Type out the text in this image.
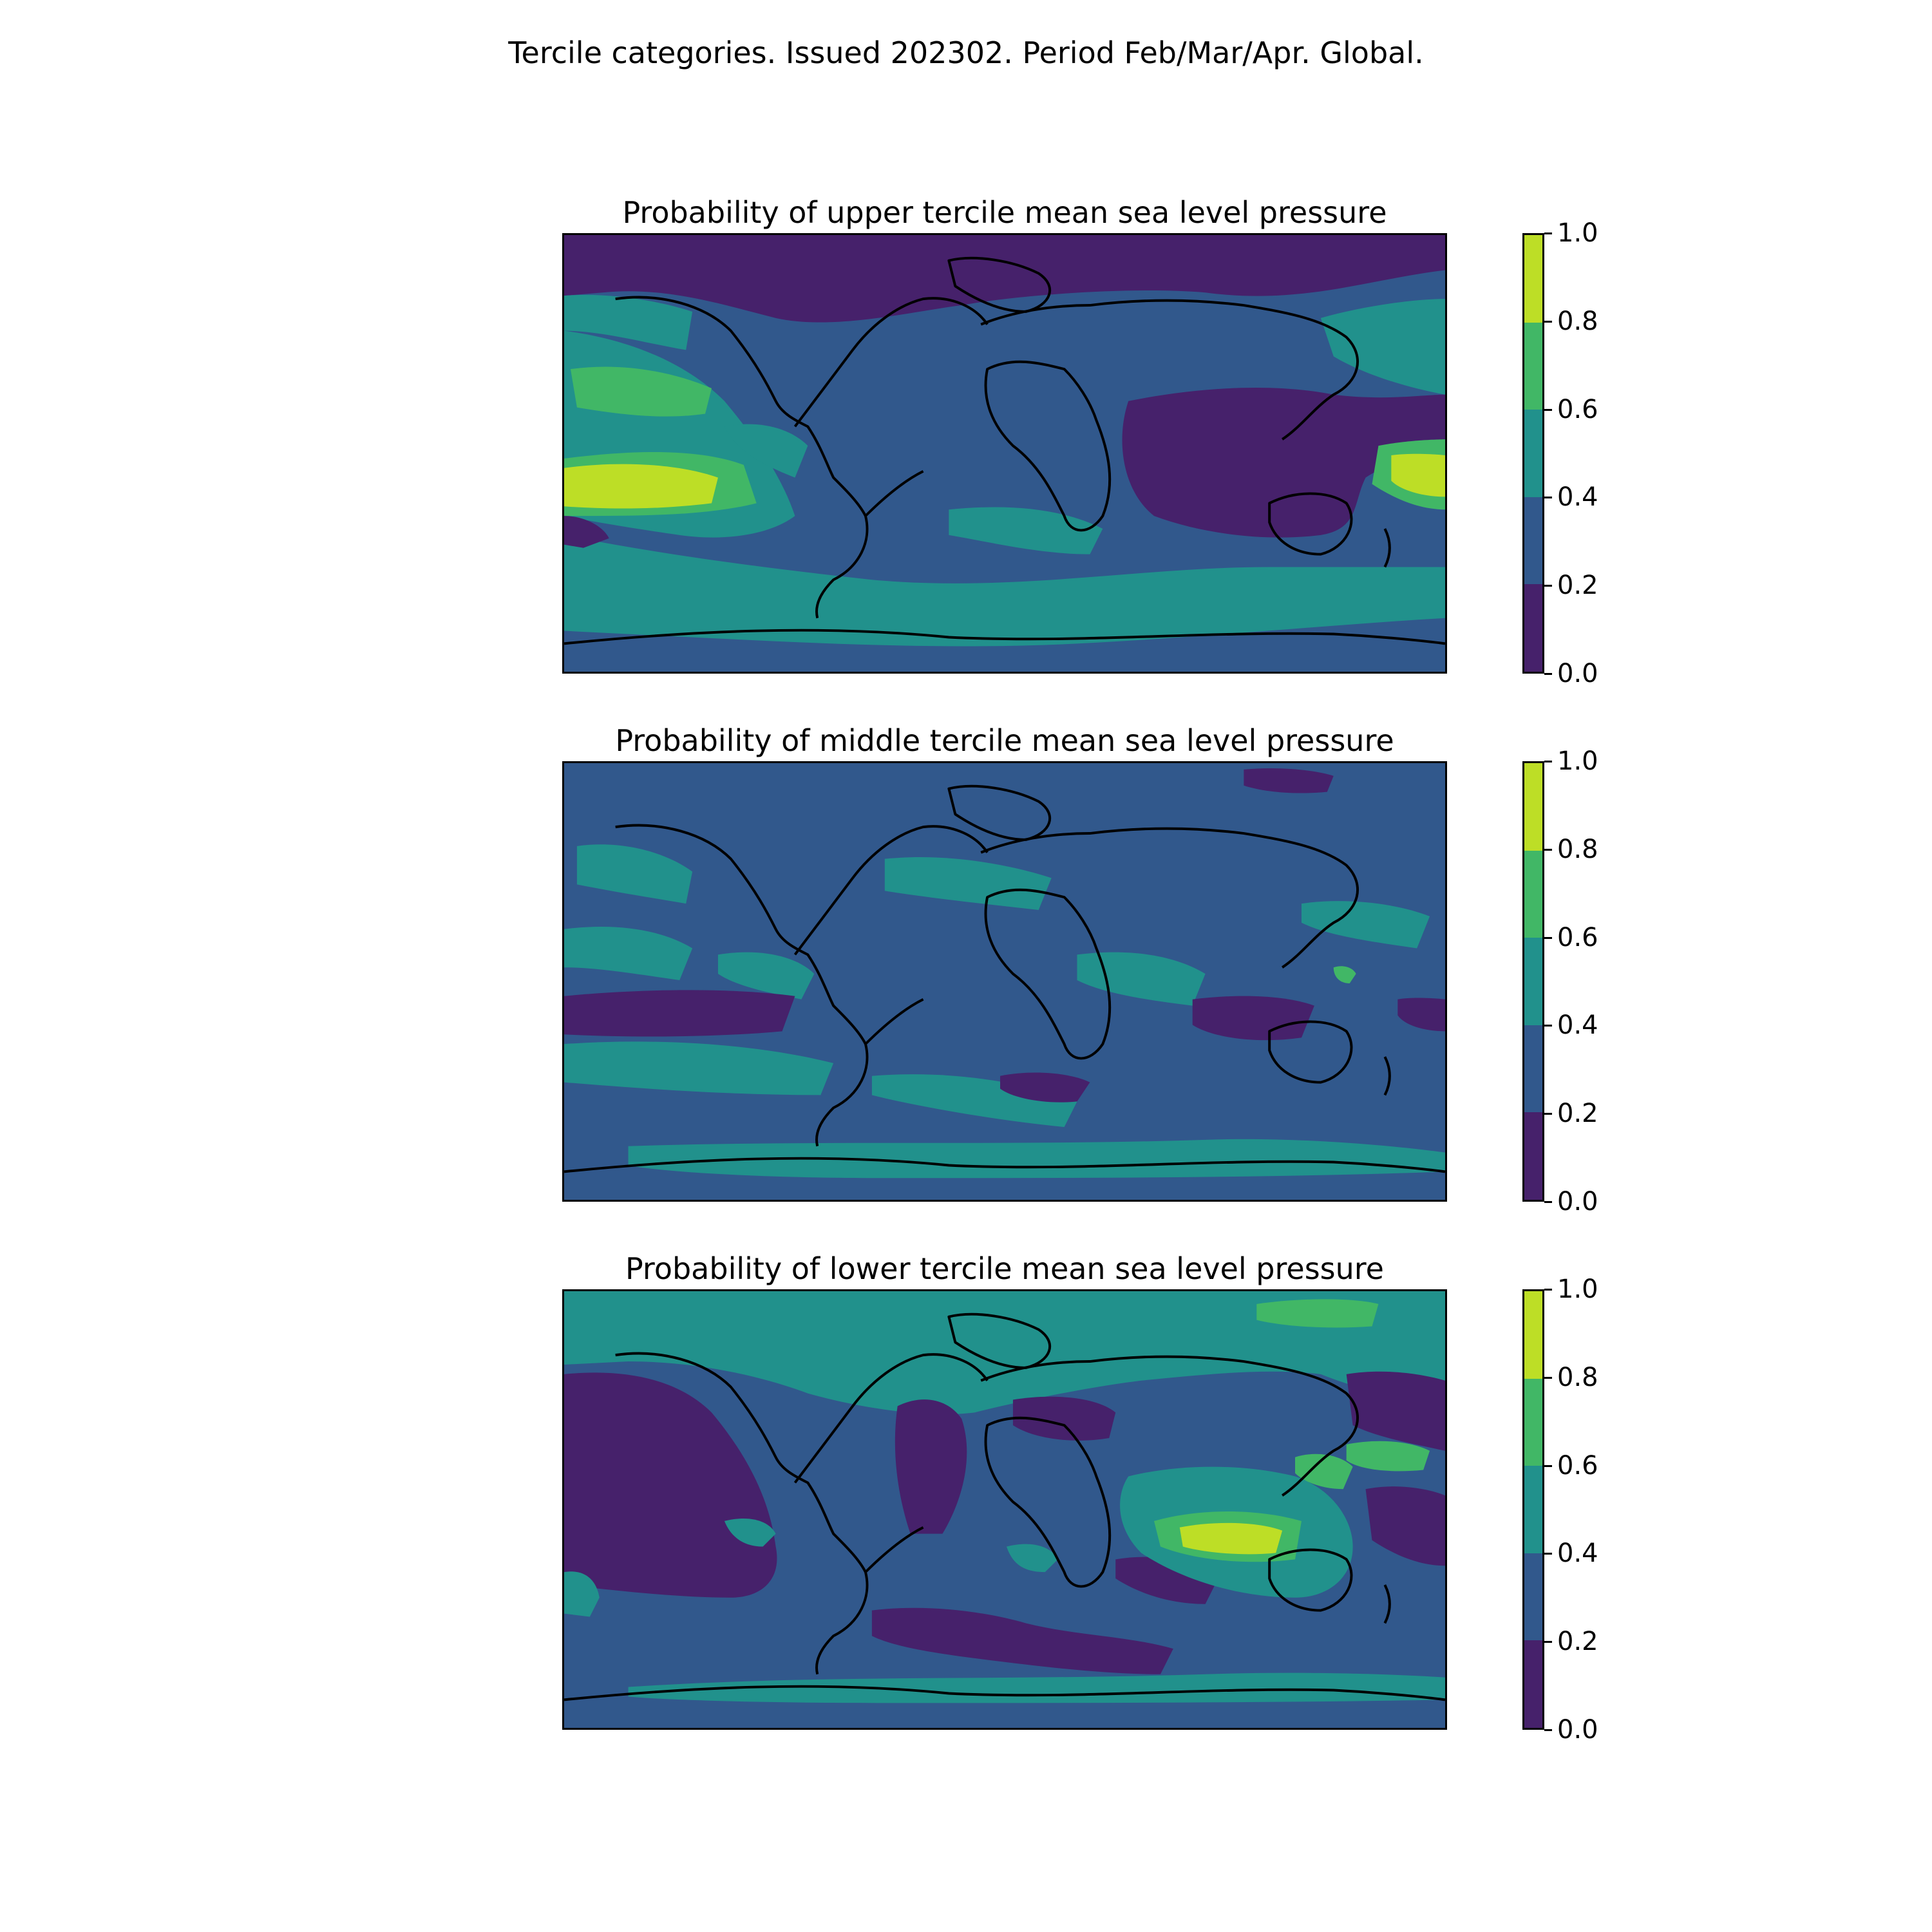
Tercile categories. Issued 202302. Period Feb/Mar/Apr. Global.
Probability of upper tercile mean sea level pressure
0.0
0.2
0.4
0.6
0.8
1.0
Probability of middle tercile mean sea level pressure
0.0
0.2
0.4
0.6
0.8
1.0
Probability of lower tercile mean sea level pressure
0.0
0.2
0.4
0.6
0.8
1.0
